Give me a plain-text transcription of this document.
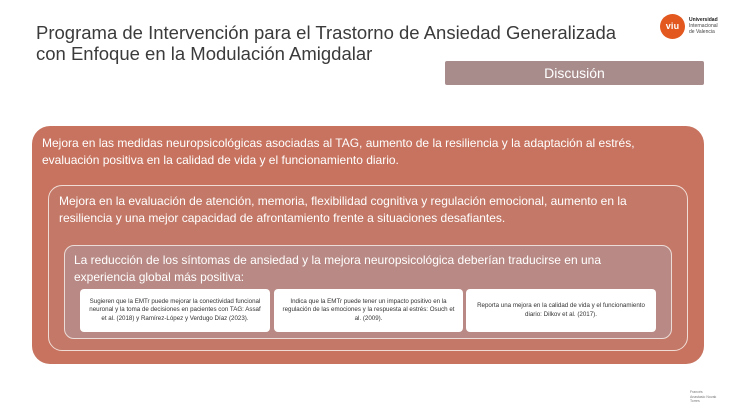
Programa de Intervención para el Trastorno de Ansiedad Generalizada
con Enfoque en la Modulación Amigdalar
viu
Universidad
Internacional
de Valencia
Discusión
Mejora en las medidas neuropsicológicas asociadas al TAG, aumento de la resiliencia y la adaptación al estrés, evaluación positiva en la calidad de vida y el funcionamiento diario.
Mejora en la evaluación de atención, memoria, flexibilidad cognitiva y regulación emocional, aumento en la resiliencia y una mejor capacidad de afrontamiento frente a situaciones desafiantes.
La reducción de los síntomas de ansiedad y la mejora neuropsicológica deberían traducirse en una experiencia global más positiva:
Sugieren que la EMTr puede mejorar la conectividad funcional neuronal y la toma de decisiones en pacientes con TAG: Assaf et al. (2018) y Ramírez-López y Verdugo Díaz (2023).
Indica que la EMTr puede tener un impacto positivo en la regulación de las emociones y la respuesta al estrés: Osuch et al. (2009).
Reporta una mejora en la calidad de vida y el funcionamiento diario: Dilkov et al. (2017).
Francés
Anastasio Novak
Torres
